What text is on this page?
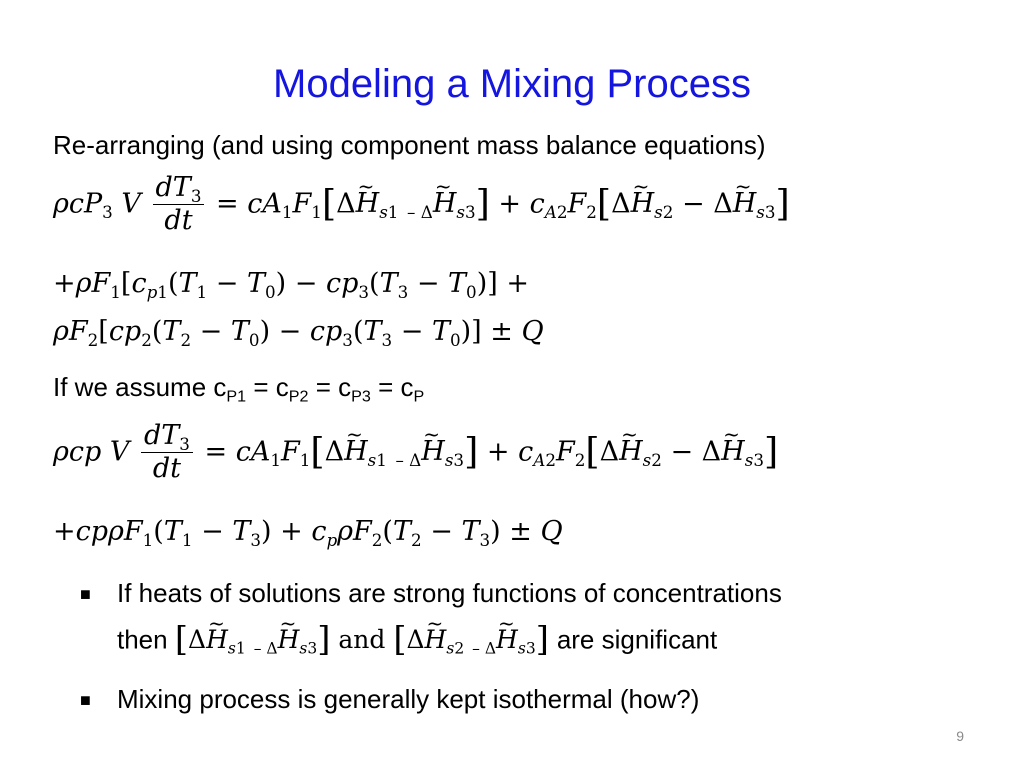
Modeling a Mixing Process
Re-arranging (and using component mass balance equations)
ρcP$_3$ V $\frac{dT_3}{dt}$ = $cA_1F_1[\Delta\sim$ $H_{s1}$ $_{- \Delta}$~ $H_{s3}$] + $c_{A2}F_2[\Delta\sim$ $H_{s2}$ − Δ~ $H_{s3}$]
$+\rho F_1[c_{p1}(T_1 - T_0) - cp_3(T_3 - T_0)]$ +
$\rho F_2[cp_2(T_2 - T_0) - cp_3(T_3 - T_0)] \pm Q$
If we assume $c_{P1} = c_{P2} = c_{P3} = c_P$
ρcp V $\frac{dT_3}{dt}$ = $cA_1F_1[\Delta\sim$ $H_{s1}$ $_{- \Delta}$~ $H_{s3}$] + $c_{A2}F_2[\Delta\sim$ $H_{s2}$ − Δ~ $H_{s3}$]
$+cp\rho F_1(T_1 - T_3) + c_p\rho F_2(T_2 - T_3) \pm Q$
■ If heats of solutions are strong functions of concentrations
then [Δ~ $H_{s1}$ $_{- \Delta}$~ $H_{s3}$] and [Δ~ $H_{s2}$ $_{- \Delta}$~ $H_{s3}$] are significant
■ Mixing process is generally kept isothermal (how?)
9
